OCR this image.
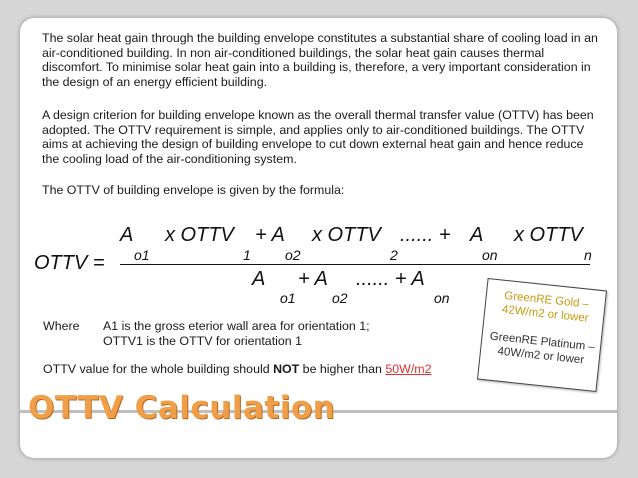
The solar heat gain through the building envelope constitutes a substantial share of cooling load in an air-conditioned building. In non air-conditioned buildings, the solar heat gain causes thermal discomfort. To minimise solar heat gain into a building is, therefore, a very important consideration in the design of an energy efficient building.

A design criterion for building envelope known as the overall thermal transfer value (OTTV) has been adopted. The OTTV requirement is simple, and applies only to air-conditioned buildings. The OTTV aims at achieving the design of building envelope to cut down external heat gain and hence reduce the cooling load of the air-conditioning system.

The OTTV of building envelope is given by the formula:

OTTV =
A
o1
x OTTV
1
+ A
o2
x OTTV
2
...... + A
on
x OTTV
n
A
o1
+ A
o2
...... + A
on
Where A1 is the gross eterior wall area for orientation 1;
OTTV1 is the OTTV for orientation 1
OTTV value for the whole building should NOT be higher than 50W/m2
GreenRE Gold – 42W/m2 or lower
GreenRE Platinum – 40W/m2 or lower
OTTV Calculation
